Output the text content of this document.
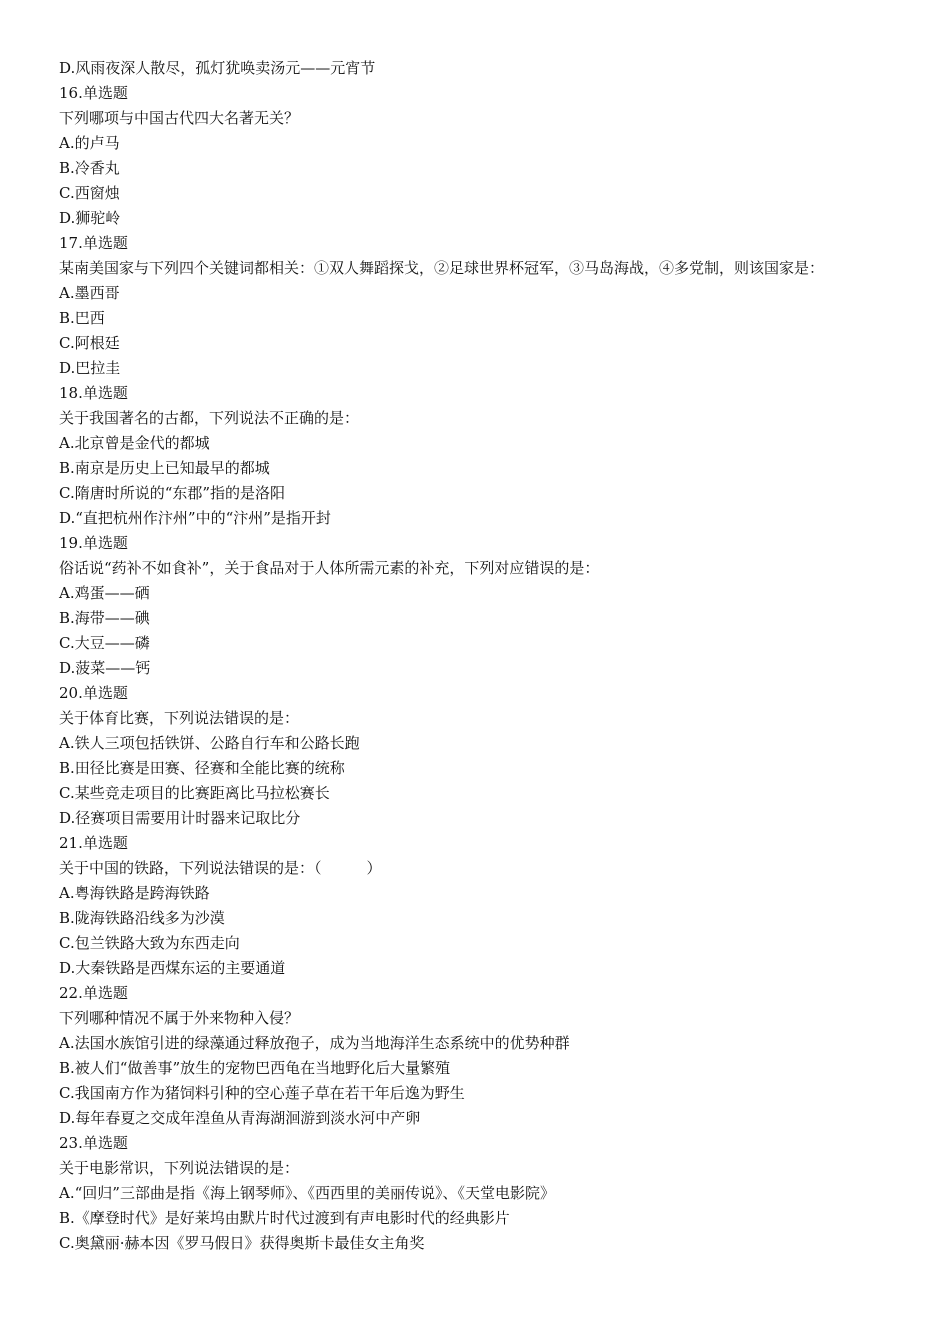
D.风雨夜深人散尽，孤灯犹唤卖汤元——元宵节
16.单选题
下列哪项与中国古代四大名著无关？
A.的卢马
B.冷香丸
C.西窗烛
D.狮驼岭
17.单选题
某南美国家与下列四个关键词都相关：①双人舞蹈探戈，②足球世界杯冠军，③马岛海战，④多党制，则该国家是：
A.墨西哥
B.巴西
C.阿根廷
D.巴拉圭
18.单选题
关于我国著名的古都，下列说法不正确的是：
A.北京曾是金代的都城
B.南京是历史上已知最早的都城
C.隋唐时所说的“东郡”指的是洛阳
D.“直把杭州作汴州”中的“汴州”是指开封
19.单选题
俗话说“药补不如食补”，关于食品对于人体所需元素的补充，下列对应错误的是：
A.鸡蛋——硒
B.海带——碘
C.大豆——磷
D.菠菜——钙
20.单选题
关于体育比赛，下列说法错误的是：
A.铁人三项包括铁饼、公路自行车和公路长跑
B.田径比赛是田赛、径赛和全能比赛的统称
C.某些竞走项目的比赛距离比马拉松赛长
D.径赛项目需要用计时器来记取比分
21.单选题
关于中国的铁路，下列说法错误的是：（　　　）
A.粤海铁路是跨海铁路
B.陇海铁路沿线多为沙漠
C.包兰铁路大致为东西走向
D.大秦铁路是西煤东运的主要通道
22.单选题
下列哪种情况不属于外来物种入侵？
A.法国水族馆引进的绿藻通过释放孢子，成为当地海洋生态系统中的优势种群
B.被人们“做善事”放生的宠物巴西龟在当地野化后大量繁殖
C.我国南方作为猪饲料引种的空心莲子草在若干年后逸为野生
D.每年春夏之交成年湟鱼从青海湖洄游到淡水河中产卵
23.单选题
关于电影常识，下列说法错误的是：
A.“回归”三部曲是指《海上钢琴师》、《西西里的美丽传说》、《天堂电影院》
B.《摩登时代》是好莱坞由默片时代过渡到有声电影时代的经典影片
C.奥黛丽·赫本因《罗马假日》获得奥斯卡最佳女主角奖
